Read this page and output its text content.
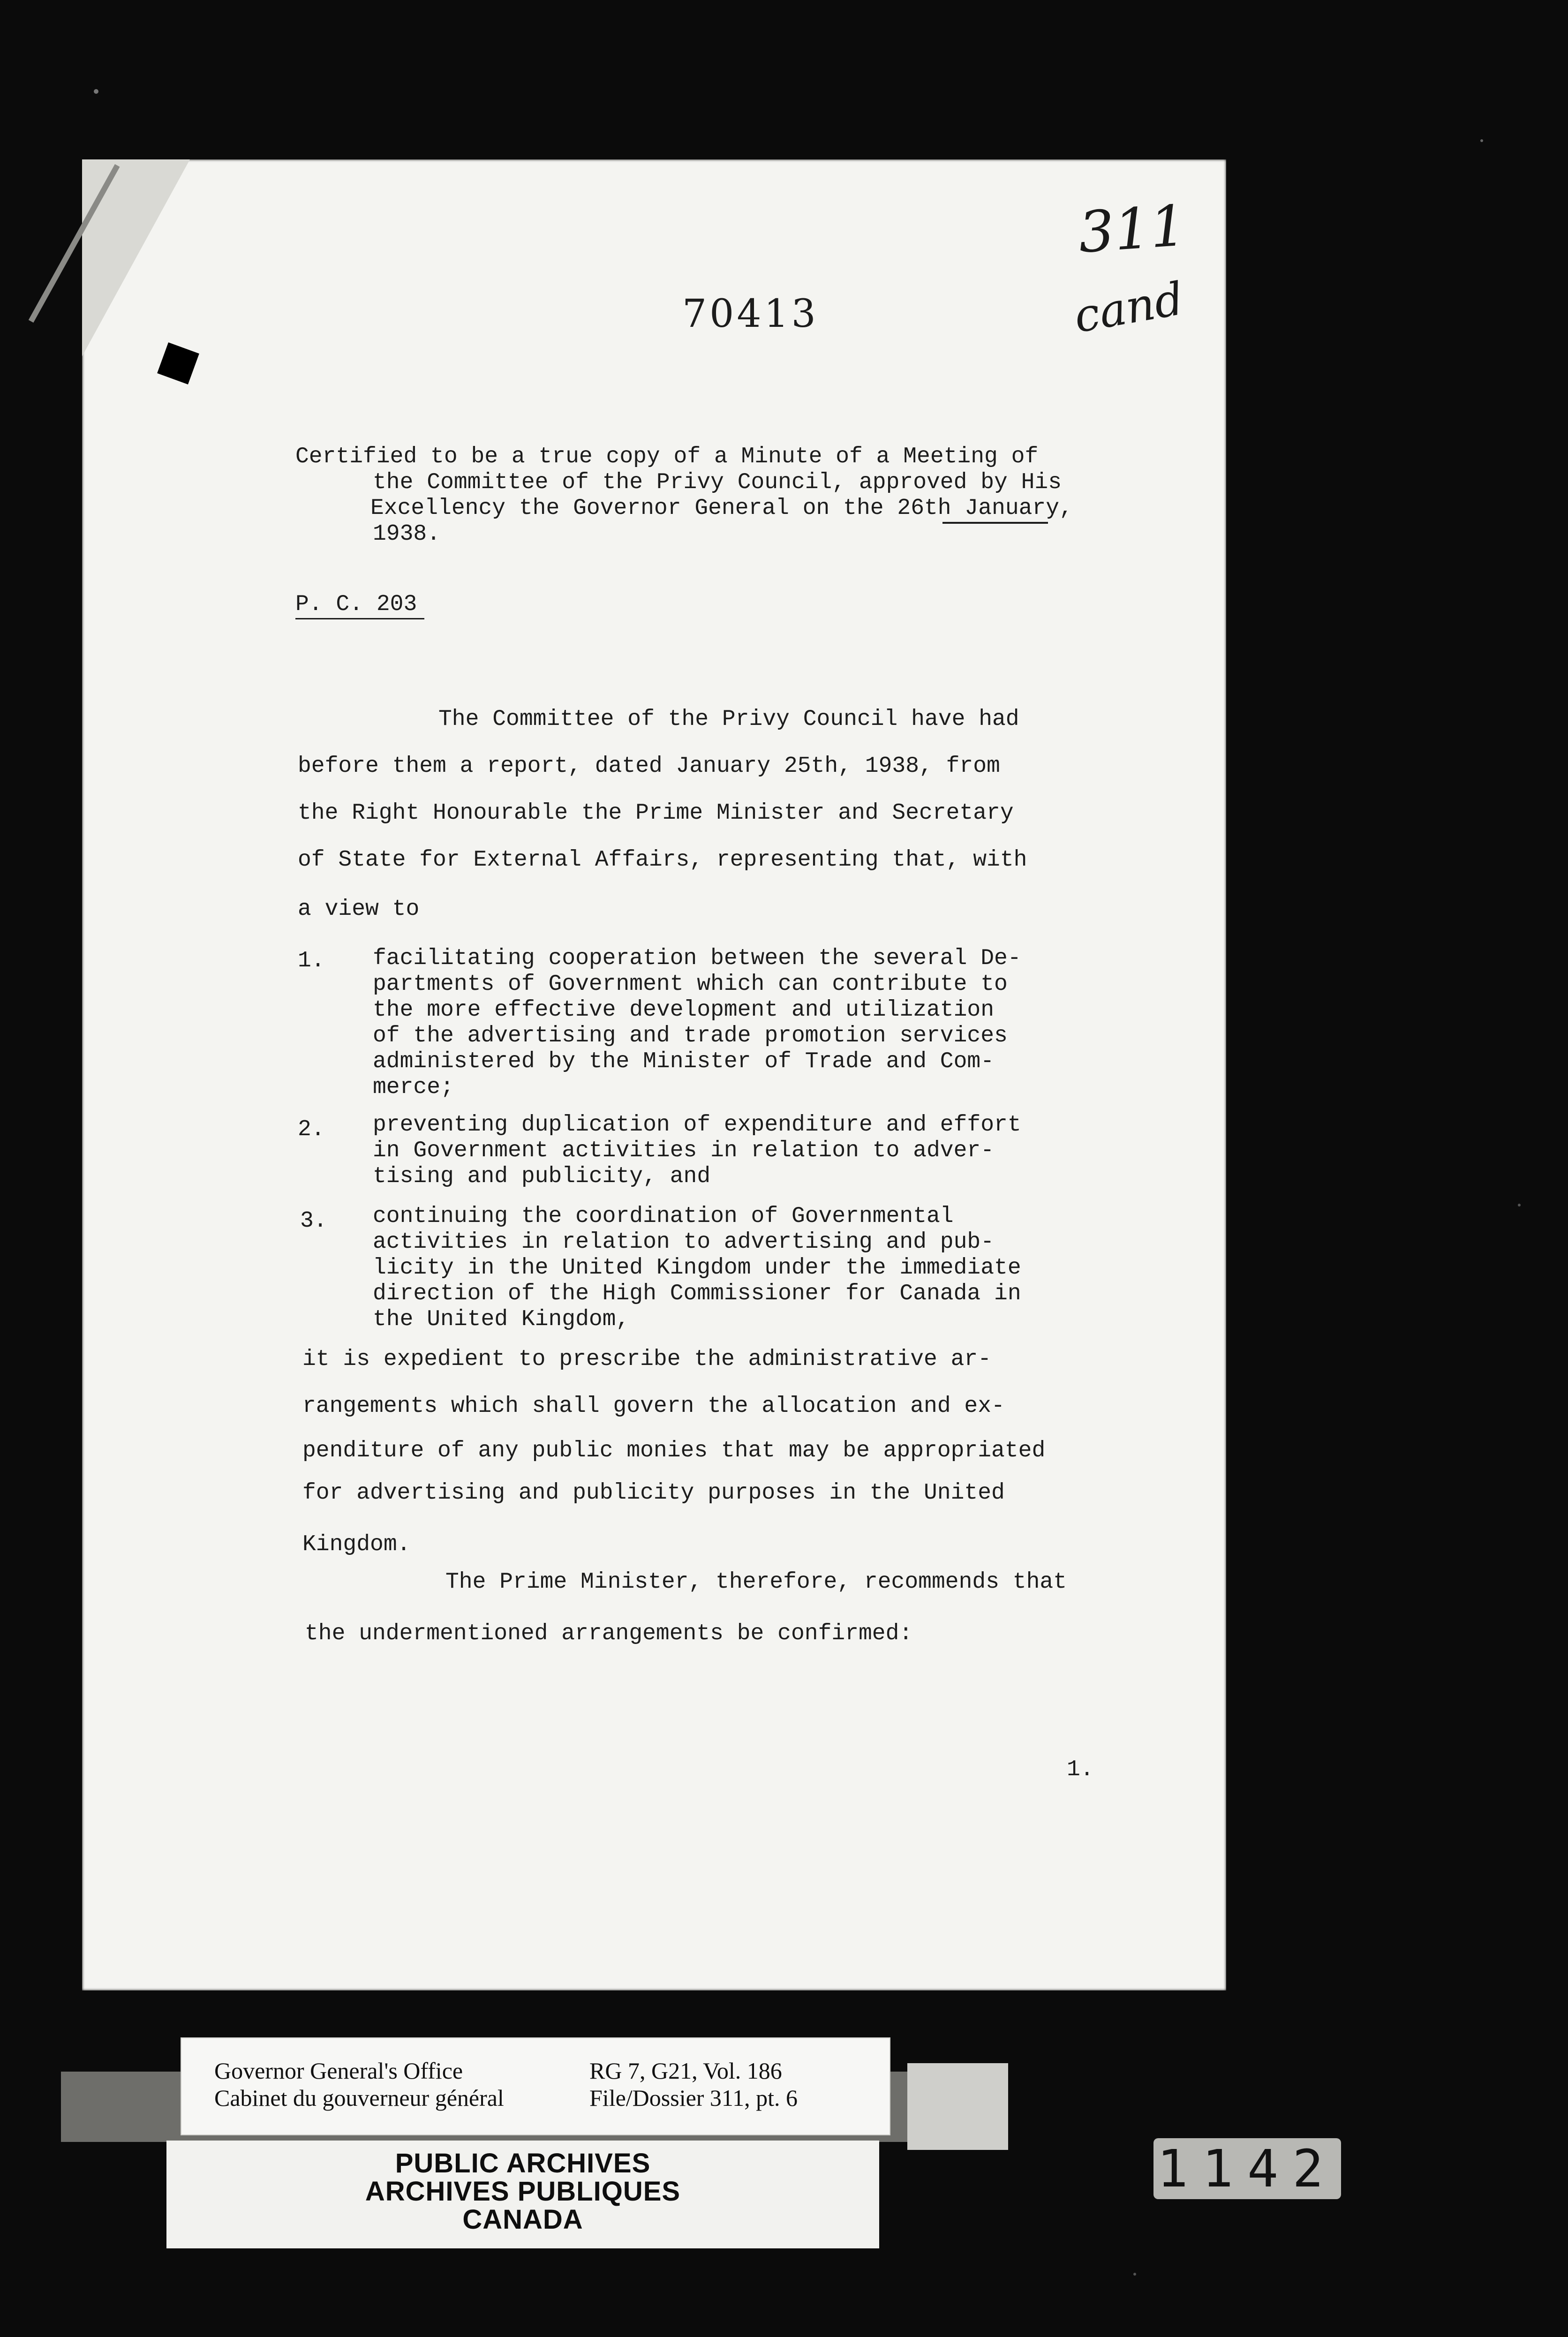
70413
311
cand
Certified to be a true copy of a Minute of a Meeting of
the Committee of the Privy Council, approved by His
Excellency the Governor General on the 26th January,
1938.
P. C. 203
The Committee of the Privy Council have had
before them a report, dated January 25th, 1938, from
the Right Honourable the Prime Minister and Secretary
of State for External Affairs, representing that, with
a view to
1. facilitating cooperation between the several De-
partments of Government which can contribute to
the more effective development and utilization
of the advertising and trade promotion services
administered by the Minister of Trade and Com-
merce;
2. preventing duplication of expenditure and effort
in Government activities in relation to adver-
tising and publicity, and
3. continuing the coordination of Governmental
activities in relation to advertising and pub-
licity in the United Kingdom under the immediate
direction of the High Commissioner for Canada in
the United Kingdom,
it is expedient to prescribe the administrative ar-
rangements which shall govern the allocation and ex-
penditure of any public monies that may be appropriated
for advertising and publicity purposes in the United
Kingdom.
The Prime Minister, therefore, recommends that
the undermentioned arrangements be confirmed:
1.
Governor General's Office
Cabinet du gouverneur général
RG 7, G21, Vol. 186
File/Dossier 311, pt. 6
PUBLIC ARCHIVES
ARCHIVES PUBLIQUES
CANADA
1142
